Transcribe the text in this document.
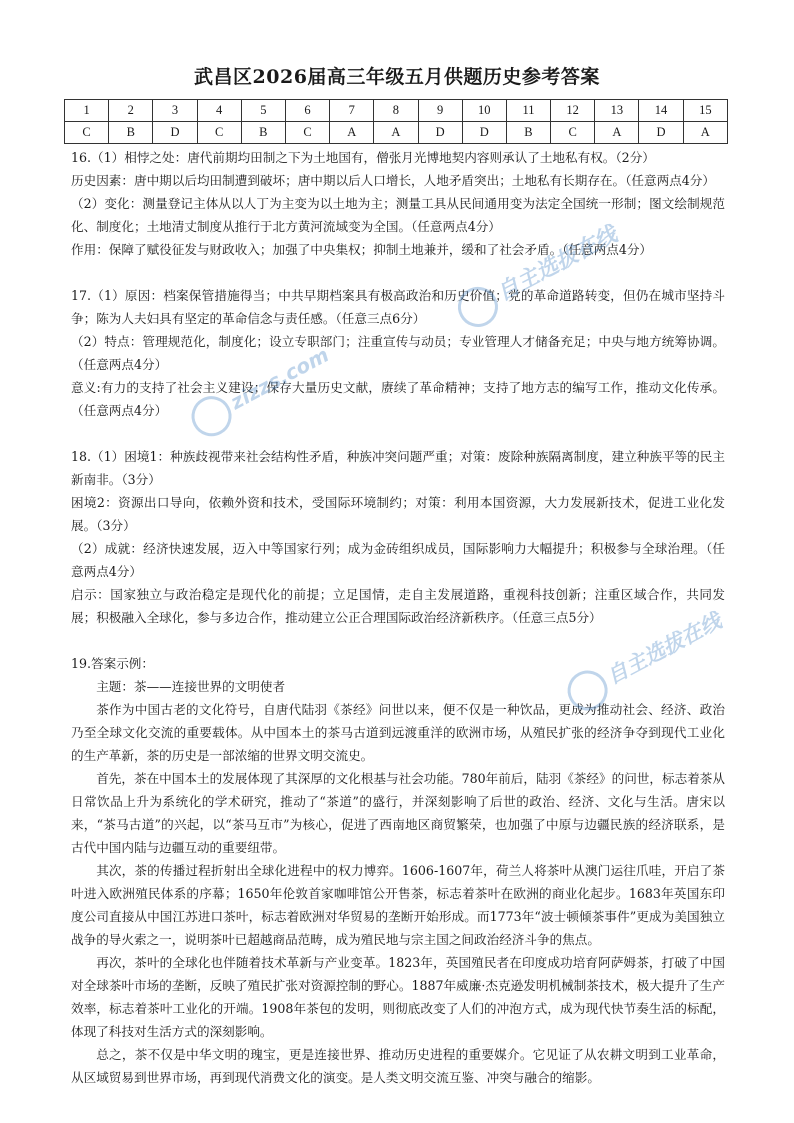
武昌区2026届高三年级五月供题历史参考答案
1	2	3	4	5	6	7	8	9	10	11	12	13	14	15
C	B	D	C	B	C	A	A	D	D	B	C	A	D	A

16.（1）相悖之处：唐代前期均田制之下为土地国有，僧张月光博地契内容则承认了土地私有权。（2分）

历史因素：唐中期以后均田制遭到破坏；唐中期以后人口增长，人地矛盾突出；土地私有长期存在。（任意两点4分）

（2）变化：测量登记主体从以人丁为主变为以土地为主；测量工具从民间通用变为法定全国统一形制；图文绘制规范化、制度化；土地清丈制度从推行于北方黄河流域变为全国。（任意两点4分）

作用：保障了赋役征发与财政收入；加强了中央集权；抑制土地兼并，缓和了社会矛盾。（任意两点4分）

17.（1）原因：档案保管措施得当；中共早期档案具有极高政治和历史价值；党的革命道路转变，但仍在城市坚持斗争；陈为人夫妇具有坚定的革命信念与责任感。（任意三点6分）

（2）特点：管理规范化，制度化；设立专职部门；注重宣传与动员；专业管理人才储备充足；中央与地方统筹协调。（任意两点4分）

意义:有力的支持了社会主义建设；保存大量历史文献，赓续了革命精神；支持了地方志的编写工作，推动文化传承。（任意两点4分）

18.（1）困境1：种族歧视带来社会结构性矛盾，种族冲突问题严重；对策：废除种族隔离制度，建立种族平等的民主新南非。（3分）

困境2：资源出口导向，依赖外资和技术，受国际环境制约；对策：利用本国资源，大力发展新技术，促进工业化发展。（3分）

（2）成就：经济快速发展，迈入中等国家行列；成为金砖组织成员，国际影响力大幅提升；积极参与全球治理。（任意两点4分）

启示：国家独立与政治稳定是现代化的前提；立足国情，走自主发展道路，重视科技创新；注重区域合作，共同发展；积极融入全球化，参与多边合作，推动建立公正合理国际政治经济新秩序。（任意三点5分）

19.答案示例：

主题：茶——连接世界的文明使者

茶作为中国古老的文化符号，自唐代陆羽《茶经》问世以来，便不仅是一种饮品，更成为推动社会、经济、政治乃至全球文化交流的重要载体。从中国本土的茶马古道到远渡重洋的欧洲市场，从殖民扩张的经济争夺到现代工业化的生产革新，茶的历史是一部浓缩的世界文明交流史。

首先，茶在中国本土的发展体现了其深厚的文化根基与社会功能。780年前后，陆羽《茶经》的问世，标志着茶从日常饮品上升为系统化的学术研究，推动了“茶道”的盛行，并深刻影响了后世的政治、经济、文化与生活。唐宋以来，“茶马古道”的兴起，以“茶马互市”为核心，促进了西南地区商贸繁荣，也加强了中原与边疆民族的经济联系，是古代中国内陆与边疆互动的重要纽带。

其次，茶的传播过程折射出全球化进程中的权力博弈。1606-1607年，荷兰人将茶叶从澳门运往爪哇，开启了茶叶进入欧洲殖民体系的序幕；1650年伦敦首家咖啡馆公开售茶，标志着茶叶在欧洲的商业化起步。1683年英国东印度公司直接从中国江苏进口茶叶，标志着欧洲对华贸易的垄断开始形成。而1773年“波士顿倾茶事件”更成为美国独立战争的导火索之一，说明茶叶已超越商品范畴，成为殖民地与宗主国之间政治经济斗争的焦点。

再次，茶叶的全球化也伴随着技术革新与产业变革。1823年，英国殖民者在印度成功培育阿萨姆茶，打破了中国对全球茶叶市场的垄断，反映了殖民扩张对资源控制的野心。1887年威廉·杰克逊发明机械制茶技术，极大提升了生产效率，标志着茶叶工业化的开端。1908年茶包的发明，则彻底改变了人们的冲泡方式，成为现代快节奏生活的标配，体现了科技对生活方式的深刻影响。

总之，茶不仅是中华文明的瑰宝，更是连接世界、推动历史进程的重要媒介。它见证了从农耕文明到工业革命，从区域贸易到世界市场，再到现代消费文化的演变。是人类文明交流互鉴、冲突与融合的缩影。

自主选拔在线
zizzs.com
自主选拔在线
